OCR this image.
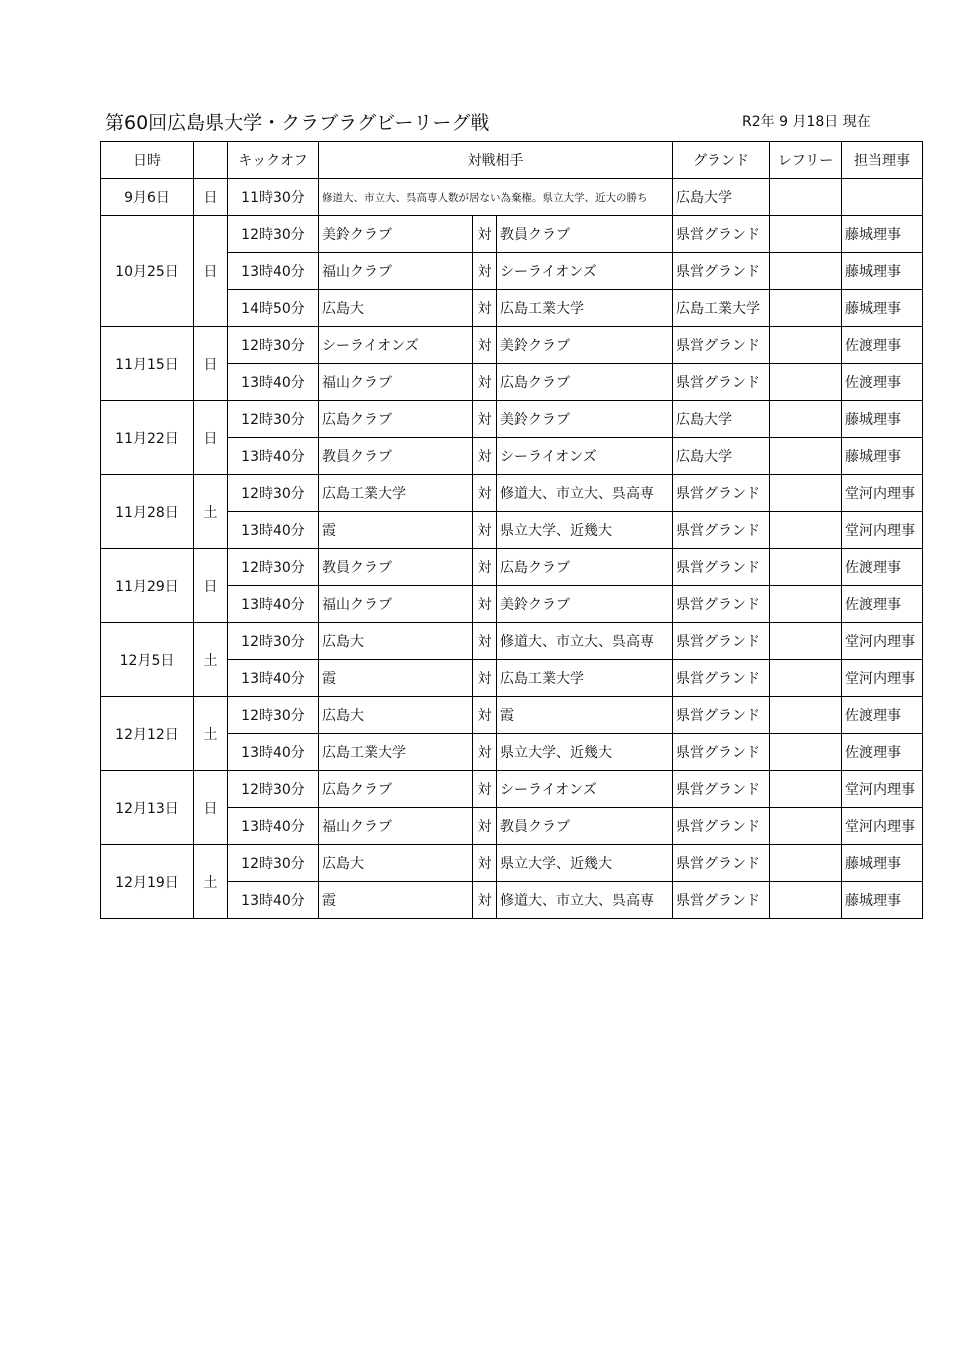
第60回広島県大学・クラブラグビーリーグ戦	R2年 9 月18日 現在
日時		キックオフ	対戦相手			グランド	レフリー	担当理事
9月6日	日	11時30分	修道大、市立大、呉高専人数が居ない為棄権。県立大学、近大の勝ち			広島大学		
10月25日	日	12時30分	美鈴クラブ	対	教員クラブ	県営グランド		藤城理事
		13時40分	福山クラブ	対	シーライオンズ	県営グランド		藤城理事
		14時50分	広島大	対	広島工業大学	広島工業大学		藤城理事
11月15日	日	12時30分	シーライオンズ	対	美鈴クラブ	県営グランド		佐渡理事
		13時40分	福山クラブ	対	広島クラブ	県営グランド		佐渡理事
11月22日	日	12時30分	広島クラブ	対	美鈴クラブ	広島大学		藤城理事
		13時40分	教員クラブ	対	シーライオンズ	広島大学		藤城理事
11月28日	土	12時30分	広島工業大学	対	修道大、市立大、呉高専	県営グランド		堂河内理事
		13時40分	霞	対	県立大学、近幾大	県営グランド		堂河内理事
11月29日	日	12時30分	教員クラブ	対	広島クラブ	県営グランド		佐渡理事
		13時40分	福山クラブ	対	美鈴クラブ	県営グランド		佐渡理事
12月5日	土	12時30分	広島大	対	修道大、市立大、呉高専	県営グランド		堂河内理事
		13時40分	霞	対	広島工業大学	県営グランド		堂河内理事
12月12日	土	12時30分	広島大	対	霞	県営グランド		佐渡理事
		13時40分	広島工業大学	対	県立大学、近幾大	県営グランド		佐渡理事
12月13日	日	12時30分	広島クラブ	対	シーライオンズ	県営グランド		堂河内理事
		13時40分	福山クラブ	対	教員クラブ	県営グランド		堂河内理事
12月19日	土	12時30分	広島大	対	県立大学、近幾大	県営グランド		藤城理事
		13時40分	霞	対	修道大、市立大、呉高専	県営グランド		藤城理事
